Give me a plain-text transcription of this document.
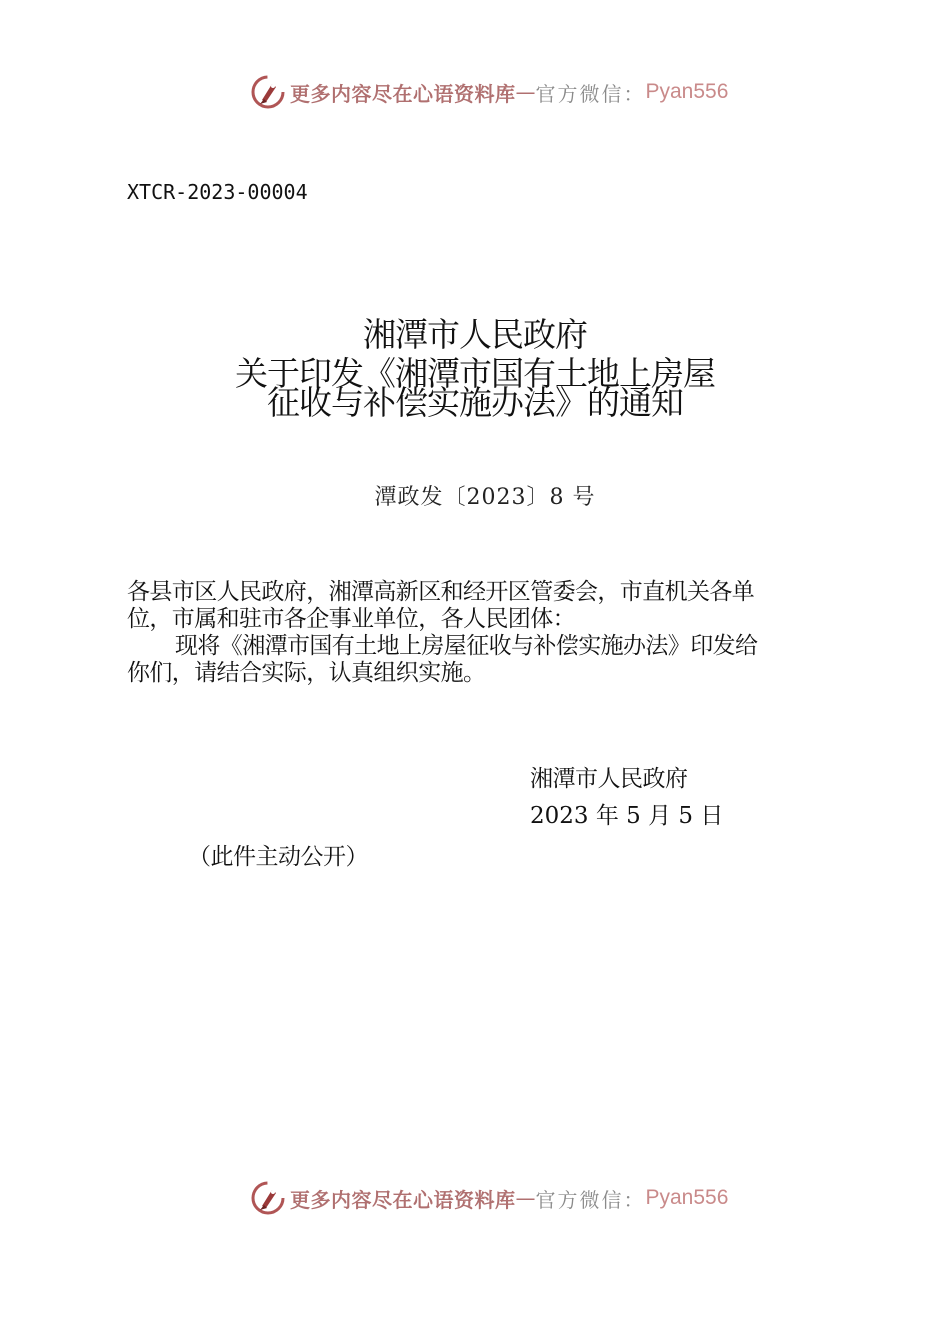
更多内容尽在心语资料库 — 官方微信： Pyan556
XTCR-2023-00004
湘潭市人民政府
关于印发《湘潭市国有土地上房屋
征收与补偿实施办法》的通知
潭政发〔2023〕8 号
各县市区人民政府，湘潭高新区和经开区管委会，市直机关各单
位，市属和驻市各企事业单位，各人民团体：
现将《湘潭市国有土地上房屋征收与补偿实施办法》印发给
你们，请结合实际，认真组织实施。
湘潭市人民政府
2023 年 5 月 5 日
（此件主动公开）
更多内容尽在心语资料库 — 官方微信： Pyan556
